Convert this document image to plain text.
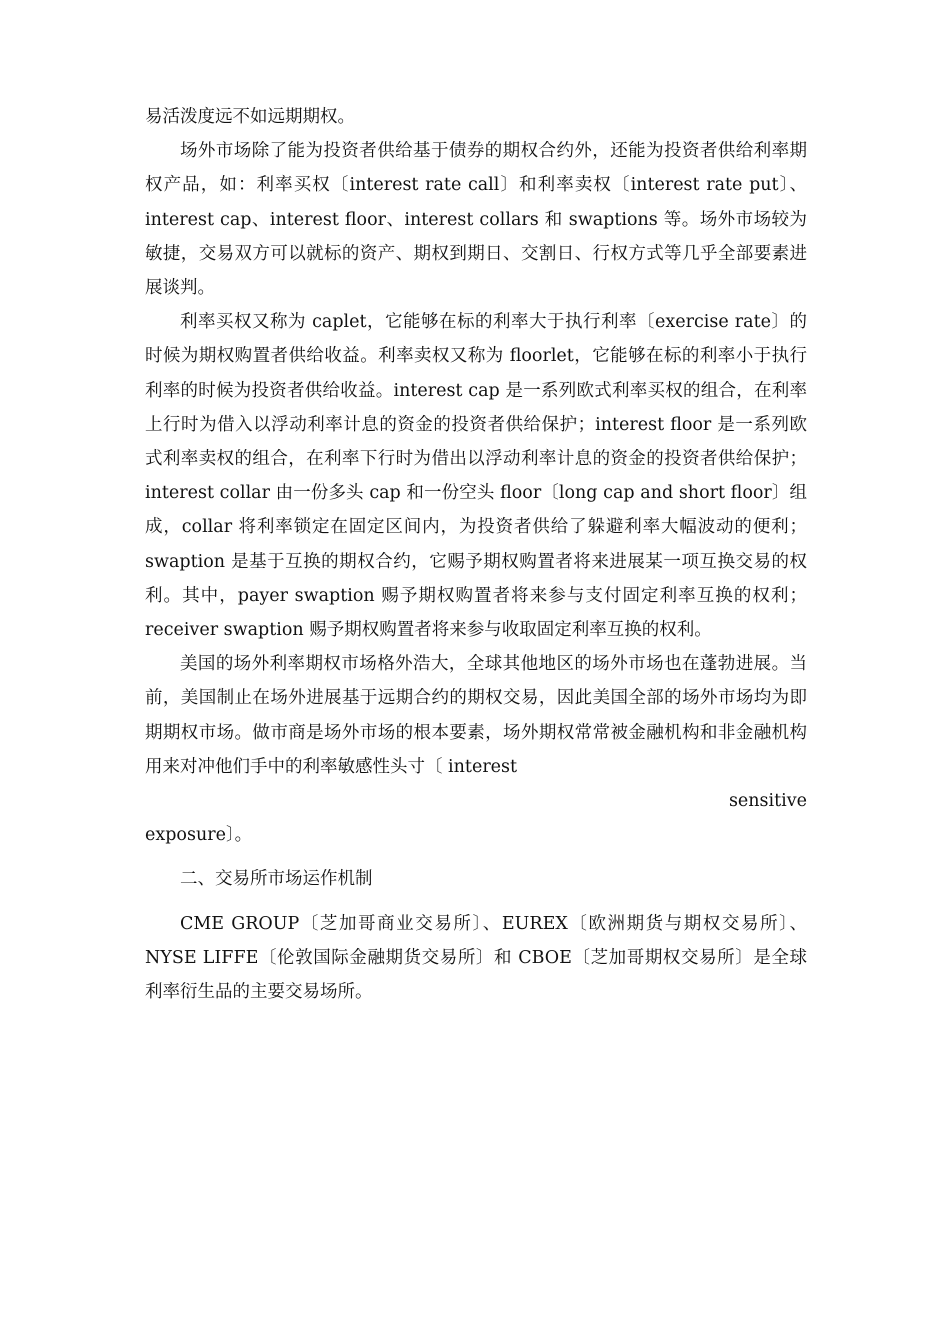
易活泼度远不如远期期权。

场外市场除了能为投资者供给基于债券的期权合约外，还能为投资者供给利率期权产品，如：利率买权〔interest rate call〕和利率卖权〔interest rate put〕、interest cap、interest floor、interest collars 和 swaptions 等。场外市场较为敏捷，交易双方可以就标的资产、期权到期日、交割日、行权方式等几乎全部要素进展谈判。

利率买权又称为 caplet，它能够在标的利率大于执行利率〔exercise rate〕的时候为期权购置者供给收益。利率卖权又称为 floorlet，它能够在标的利率小于执行利率的时候为投资者供给收益。interest cap 是一系列欧式利率买权的组合，在利率上行时为借入以浮动利率计息的资金的投资者供给保护；interest floor 是一系列欧式利率卖权的组合，在利率下行时为借出以浮动利率计息的资金的投资者供给保护；interest collar 由一份多头 cap 和一份空头 floor〔long cap and short floor〕组成，collar 将利率锁定在固定区间内，为投资者供给了躲避利率大幅波动的便利；swaption 是基于互换的期权合约，它赐予期权购置者将来进展某一项互换交易的权利。其中，payer swaption 赐予期权购置者将来参与支付固定利率互换的权利；receiver swaption 赐予期权购置者将来参与收取固定利率互换的权利。

美国的场外利率期权市场格外浩大，全球其他地区的场外市场也在蓬勃进展。当前，美国制止在场外进展基于远期合约的期权交易，因此美国全部的场外市场均为即期期权市场。做市商是场外市场的根本要素，场外期权常常被金融机构和非金融机构用来对冲他们手中的利率敏感性头寸〔 interest

sensitive

exposure〕。

二、交易所市场运作机制

CME GROUP〔芝加哥商业交易所〕、EUREX〔欧洲期货与期权交易所〕、NYSE LIFFE〔伦敦国际金融期货交易所〕和 CBOE〔芝加哥期权交易所〕是全球利率衍生品的主要交易场所。
